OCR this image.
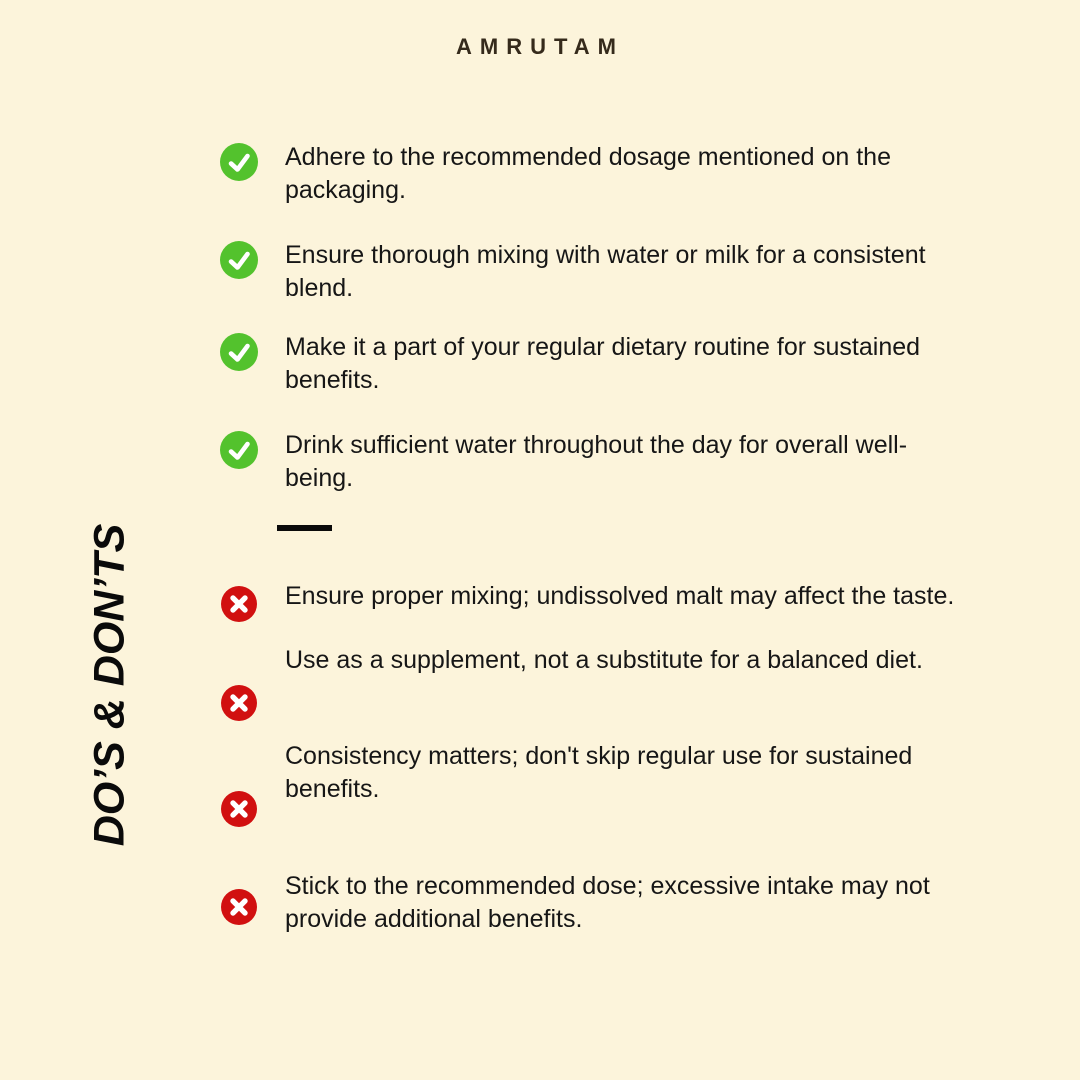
AMRUTAM
DO’S & DON’TS
Adhere to the recommended dosage mentioned on the packaging.
Ensure thorough mixing with water or milk for a consistent blend.
Make it a part of your regular dietary routine for sustained benefits.
Drink sufficient water throughout the day for overall well-being.
Ensure proper mixing; undissolved malt may affect the taste.
Use as a supplement, not a substitute for a balanced diet.
Consistency matters; don't skip regular use for sustained benefits.
Stick to the recommended dose; excessive intake may not provide additional benefits.
